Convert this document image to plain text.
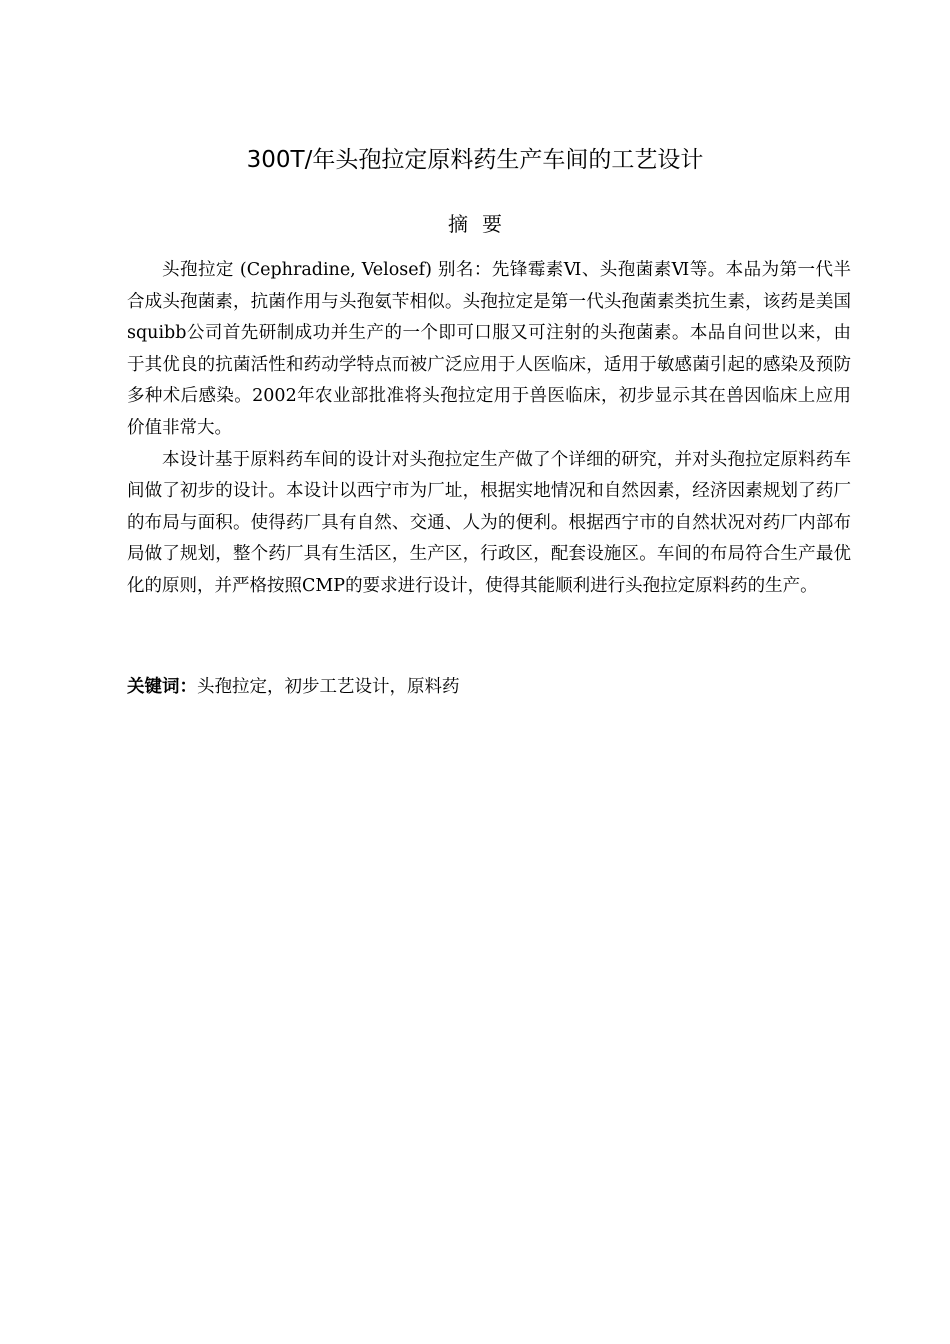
300T/年头孢拉定原料药生产车间的工艺设计
摘要

头孢拉定 (Cephradine, Velosef) 别名：先锋霉素Ⅵ、头孢菌素Ⅵ等。本品为第一代半合成头孢菌素，抗菌作用与头孢氨苄相似。头孢拉定是第一代头孢菌素类抗生素，该药是美国squibb公司首先研制成功并生产的一个即可口服又可注射的头孢菌素。本品自问世以来，由于其优良的抗菌活性和药动学特点而被广泛应用于人医临床，适用于敏感菌引起的感染及预防多种术后感染。2002年农业部批准将头孢拉定用于兽医临床，初步显示其在兽因临床上应用价值非常大。

本设计基于原料药车间的设计对头孢拉定生产做了个详细的研究，并对头孢拉定原料药车间做了初步的设计。本设计以西宁市为厂址，根据实地情况和自然因素，经济因素规划了药厂的布局与面积。使得药厂具有自然、交通、人为的便利。根据西宁市的自然状况对药厂内部布局做了规划，整个药厂具有生活区，生产区，行政区，配套设施区。车间的布局符合生产最优化的原则，并严格按照CMP的要求进行设计，使得其能顺利进行头孢拉定原料药的生产。

关键词：头孢拉定，初步工艺设计，原料药
